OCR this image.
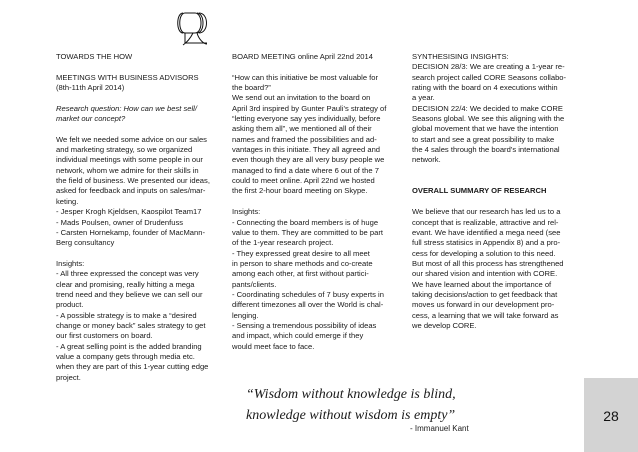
TOWARDS THE HOW
MEETINGS WITH BUSINESS ADVISORS
(8th-11th April 2014)
Research question: How can we best sell/
market our concept?
We felt we needed some advice on our sales
and marketing strategy, so we organized
individual meetings with some people in our
network, whom we admire for their skills in
the field of business. We presented our ideas,
asked for feedback and inputs on sales/mar-
keting.
- Jesper Krogh Kjeldsen, Kaospilot Team17
- Mads Poulsen, owner of Drudenfuss
- Carsten Hornekamp, founder of MacMann-
Berg consultancy
Insights:
- All three expressed the concept was very
clear and promising, really hitting a mega
trend need and they believe we can sell our
product.
- A possible strategy is to make a “desired
change or money back” sales strategy to get
our first customers on board.
- A great selling point is the added branding
value a company gets through media etc.
when they are part of this 1-year cutting edge
project.
BOARD MEETING online April 22nd 2014
“How can this initiative be most valuable for
the board?”
We send out an invitation to the board on
April 3rd inspired by Gunter Pauli’s strategy of
“letting everyone say yes individually, before
asking them all”, we mentioned all of their
names and framed the possibilities and ad-
vantages in this initiate. They all agreed and
even though they are all very busy people we
managed to find a date where 6 out of the 7
could to meet online. April 22nd we hosted
the first 2-hour board meeting on Skype.
Insights:
- Connecting the board members is of huge
value to them. They are committed to be part
of the 1-year research project.
- They expressed great desire to all meet
in person to share methods and co-create
among each other, at first without partici-
pants/clients.
- Coordinating schedules of 7 busy experts in
different timezones all over the World is chal-
lenging.
- Sensing a tremendous possibility of ideas
and impact, which could emerge if they
would meet face to face.
SYNTHESISING INSIGHTS:
DECISION 28/3: We are creating a 1-year re-
search project called CORE Seasons collabo-
rating with the board on 4 executions within
a year.
DECISION 22/4: We decided to make CORE
Seasons global. We see this aligning with the
global movement that we have the intention
to start and see a great possibility to make
the 4 sales through the board’s international
network.
OVERALL SUMMARY OF RESEARCH
We believe that our research has led us to a
concept that is realizable, attractive and rel-
evant. We have identified a mega need (see
full stress statisics in Appendix 8) and a pro-
cess for developing a solution to this need.
But most of all this process has strengthened
our shared vision and intention with CORE.
We have learned about the importance of
taking decisions/action to get feedback that
moves us forward in our development pro-
cess, a learning that we will take forward as
we develop CORE.
“Wisdom without knowledge is blind,
knowledge without wisdom is empty”
- Immanuel Kant
28
